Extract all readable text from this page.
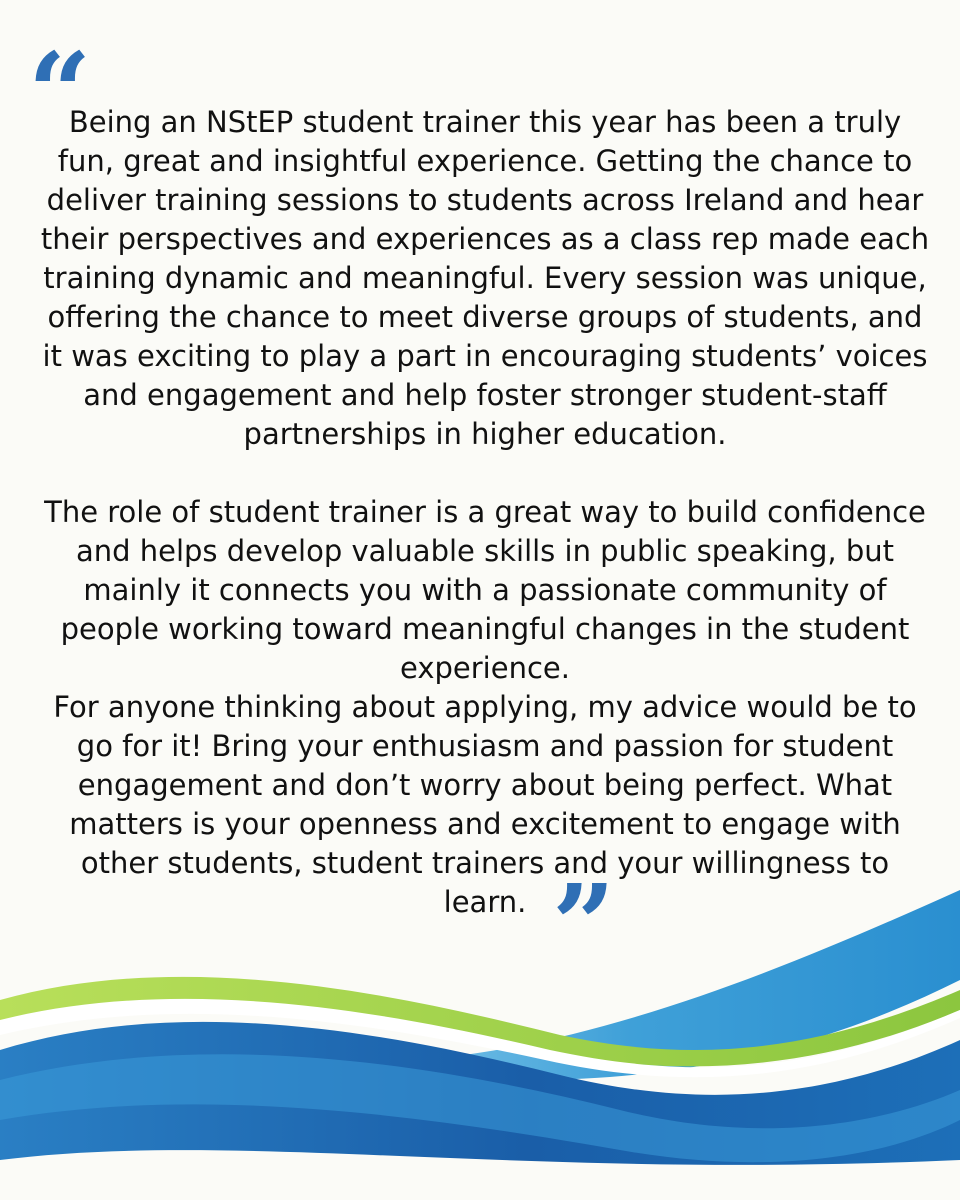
“

Being an NStEP student trainer this year has been a truly fun, great and insightful experience. Getting the chance to deliver training sessions to students across Ireland and hear their perspectives and experiences as a class rep made each training dynamic and meaningful. Every session was unique, offering the chance to meet diverse groups of students, and it was exciting to play a part in encouraging students’ voices and engagement and help foster stronger student-staff partnerships in higher education.

The role of student trainer is a great way to build confidence and helps develop valuable skills in public speaking, but mainly it connects you with a passionate community of people working toward meaningful changes in the student experience.

For anyone thinking about applying, my advice would be to go for it! Bring your enthusiasm and passion for student engagement and don’t worry about being perfect. What matters is your openness and excitement to engage with other students, student trainers and your willingness to learn. ”
